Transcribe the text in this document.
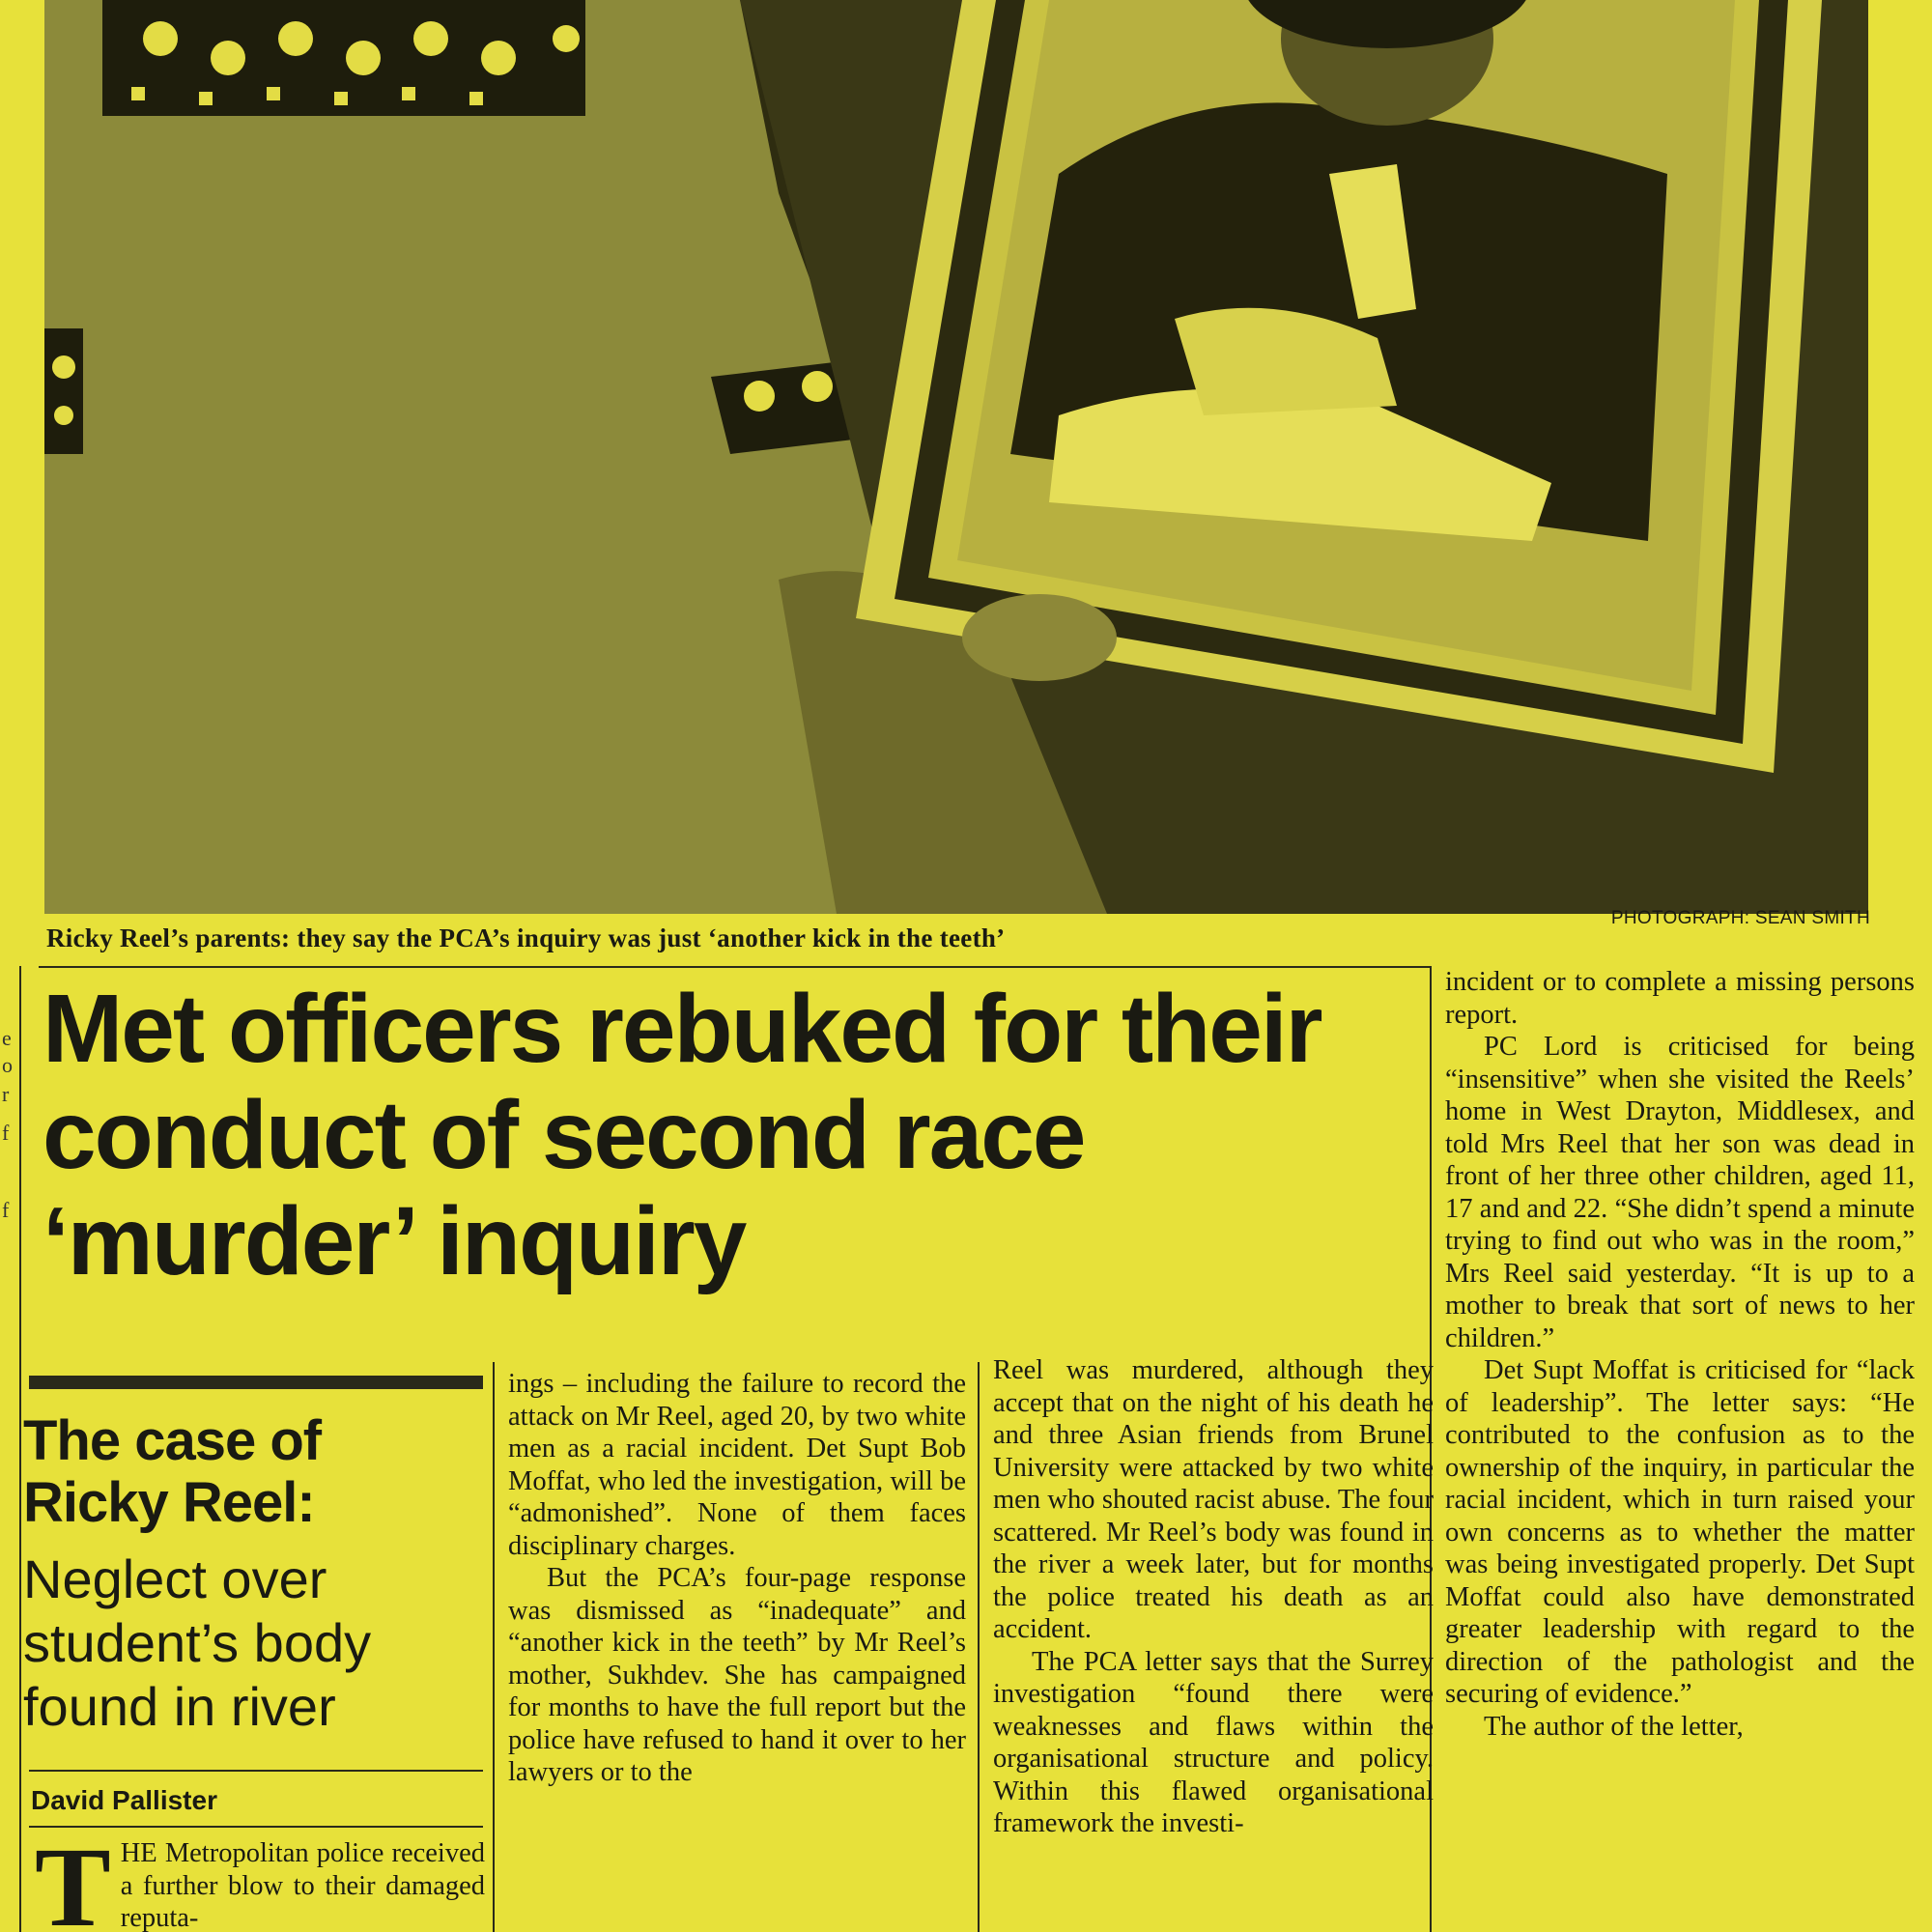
Ricky Reel’s parents: they say the PCA’s inquiry was just ‘another kick in the teeth’
PHOTOGRAPH: SEAN SMITH
e
o
r
f
f
Met officers rebuked for their conduct of second race ‘murder’ inquiry
The case of Ricky Reel:
Neglect over student’s body found in river
David Pallister

THE Metropolitan police received a further blow to their damaged reputa-

ings – including the failure to record the attack on Mr Reel, aged 20, by two white men as a racial incident. Det Supt Bob Moffat, who led the investigation, will be “admonished”. None of them faces disciplinary charges.

But the PCA’s four-page response was dismissed as “inadequate” and “another kick in the teeth” by Mr Reel’s mother, Sukhdev. She has campaigned for months to have the full report but the police have refused to hand it over to her lawyers or to the

Reel was murdered, although they accept that on the night of his death he and three Asian friends from Brunel University were attacked by two white men who shouted racist abuse. The four scattered. Mr Reel’s body was found in the river a week later, but for months the police treated his death as an accident.

The PCA letter says that the Surrey investigation “found there were weaknesses and flaws within the organisational structure and policy. Within this flawed organisational framework the investi-

incident or to complete a missing persons report.

PC Lord is criticised for being “insensitive” when she visited the Reels’ home in West Drayton, Middlesex, and told Mrs Reel that her son was dead in front of her three other children, aged 11, 17 and and 22. “She didn’t spend a minute trying to find out who was in the room,” Mrs Reel said yesterday. “It is up to a mother to break that sort of news to her children.”

Det Supt Moffat is criticised for “lack of leadership”. The letter says: “He contributed to the confusion as to the ownership of the inquiry, in particular the racial incident, which in turn raised your own concerns as to whether the matter was being investigated properly. Det Supt Moffat could also have demonstrated greater leadership with regard to the direction of the pathologist and the securing of evidence.”

The author of the letter,
